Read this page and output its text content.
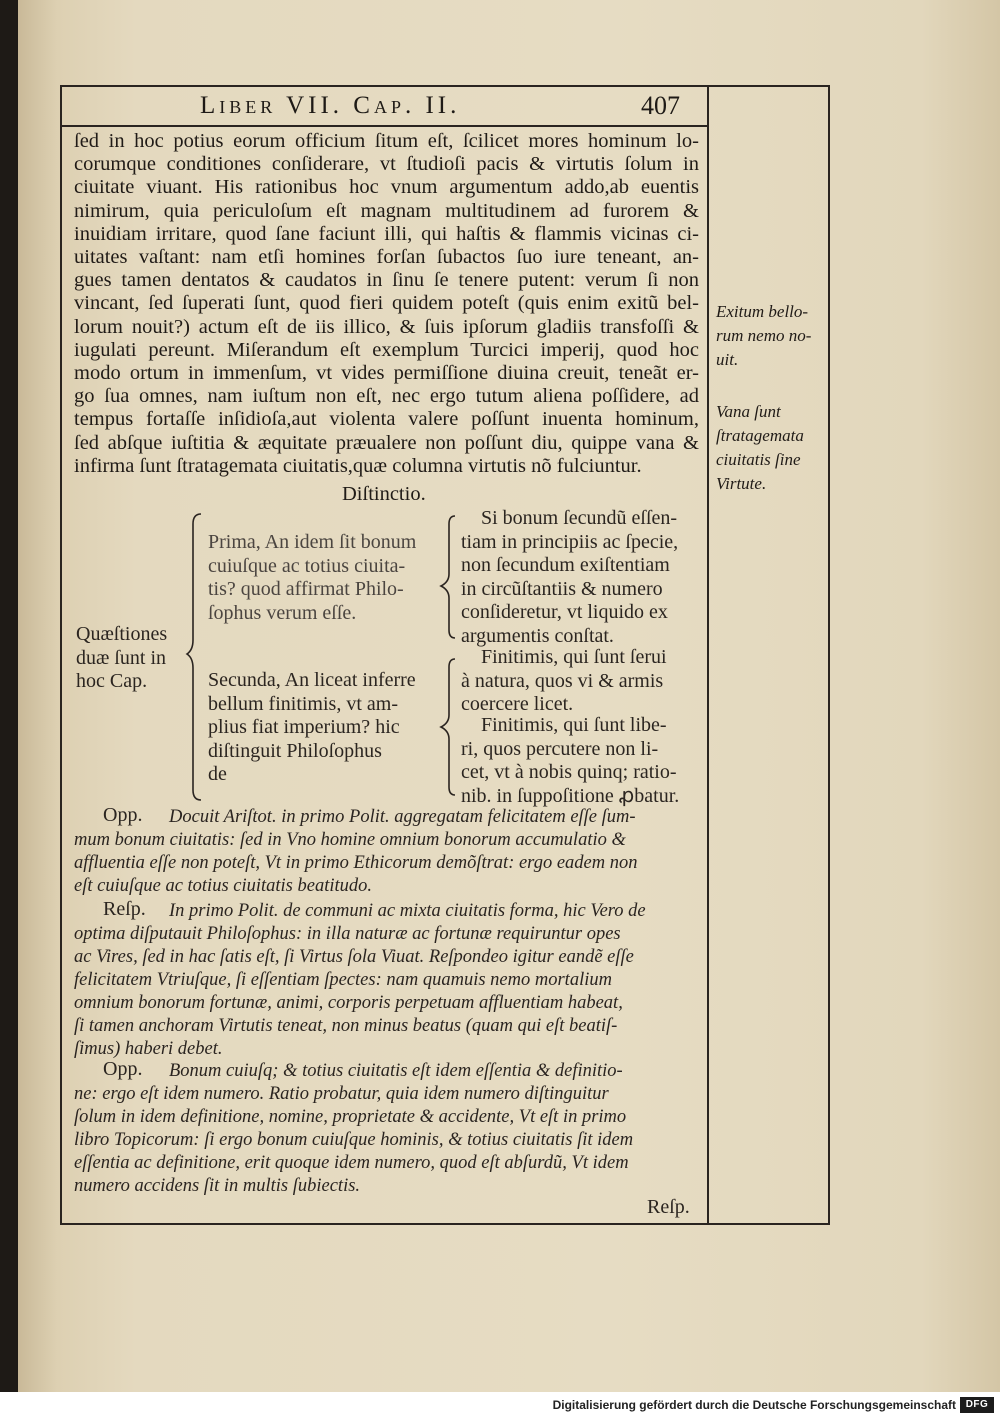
Liber VII. Cap. II.	407
ſed in hoc potius eorum officium ſitum eſt, ſcilicet mores hominum lo-
corumque conditiones conſiderare, vt ſtudioſi pacis & virtutis ſolum in
ciuitate viuant. His rationibus hoc vnum argumentum addo,ab euentis
nimirum, quia periculoſum eſt magnam multitudinem ad furorem &
inuidiam irritare, quod ſane faciunt illi, qui haſtis & flammis vicinas ci-
uitates vaſtant: nam etſi homines forſan ſubactos ſuo iure teneant, an-
gues tamen dentatos & caudatos in ſinu ſe tenere putent: verum ſi non
vincant, ſed ſuperati ſunt, quod fieri quidem poteſt (quis enim exitũ bel-
lorum nouit?) actum eſt de iis illico, & ſuis ipſorum gladiis transfoſſi &
iugulati pereunt. Miſerandum eſt exemplum Turcici imperij, quod hoc
modo ortum in immenſum, vt vides permiſſione diuina creuit, teneãt er-
go ſua omnes, nam iuſtum non eſt, nec ergo tutum aliena poſſidere, ad
tempus fortaſſe inſidioſa,aut violenta valere poſſunt inuenta hominum,
ſed abſque iuſtitia & æquitate præualere non poſſunt diu, quippe vana &
infirma ſunt ſtratagemata ciuitatis,quæ columna virtutis nõ fulciuntur.
Diſtinctio.
Exitum bello-
rum nemo no-
uit.
Vana ſunt
ſtratagemata
ciuitatis ſine
Virtute.
Quæſtiones
duæ ſunt in
hoc Cap.
Prima, An idem ſit bonum
cuiuſque ac totius ciuita-
tis? quod affirmat Philo-
ſophus verum eſſe.
Si bonum ſecundũ eſſen-
tiam in principiis ac ſpecie,
non ſecundum exiſtentiam
in circũſtantiis & numero
conſideretur, vt liquido ex
argumentis conſtat.
Secunda, An liceat inferre
bellum finitimis, vt am-
plius fiat imperium? hic
diſtinguit Philoſophus
de
Finitimis, qui ſunt ſerui
à natura, quos vi & armis
coercere licet.
Finitimis, qui ſunt libe-
ri, quos percutere non li-
cet, vt à nobis quinq; ratio-
nib. in ſuppoſitione ꝓbatur.
Opp.	Docuit Ariſtot. in primo Polit. aggregatam felicitatem eſſe ſum-
mum bonum ciuitatis: ſed in Vno homine omnium bonorum accumulatio &
affluentia eſſe non poteſt, Vt in primo Ethicorum demõſtrat: ergo eadem non
eſt cuiuſque ac totius ciuitatis beatitudo.
Reſp.	In primo Polit. de communi ac mixta ciuitatis forma, hic Vero de
optima diſputauit Philoſophus: in illa naturæ ac fortunæ requiruntur opes
ac Vires, ſed in hac ſatis eſt, ſi Virtus ſola Viuat. Reſpondeo igitur eandẽ eſſe
felicitatem Vtriuſque, ſi eſſentiam ſpectes: nam quamuis nemo mortalium
omnium bonorum fortunæ, animi, corporis perpetuam affluentiam habeat,
ſi tamen anchoram Virtutis teneat, non minus beatus (quam qui eſt beatiſ-
ſimus) haberi debet.
Opp.	Bonum cuiuſq; & totius ciuitatis eſt idem eſſentia & definitio-
ne: ergo eſt idem numero. Ratio probatur, quia idem numero diſtinguitur
ſolum in idem definitione, nomine, proprietate & accidente, Vt eſt in primo
libro Topicorum: ſi ergo bonum cuiuſque hominis, & totius ciuitatis ſit idem
eſſentia ac definitione, erit quoque idem numero, quod eſt abſurdũ, Vt idem
numero accidens ſit in multis ſubiectis.
Reſp.
Digitalisierung gefördert durch die Deutsche Forschungsgemeinschaft DFG
